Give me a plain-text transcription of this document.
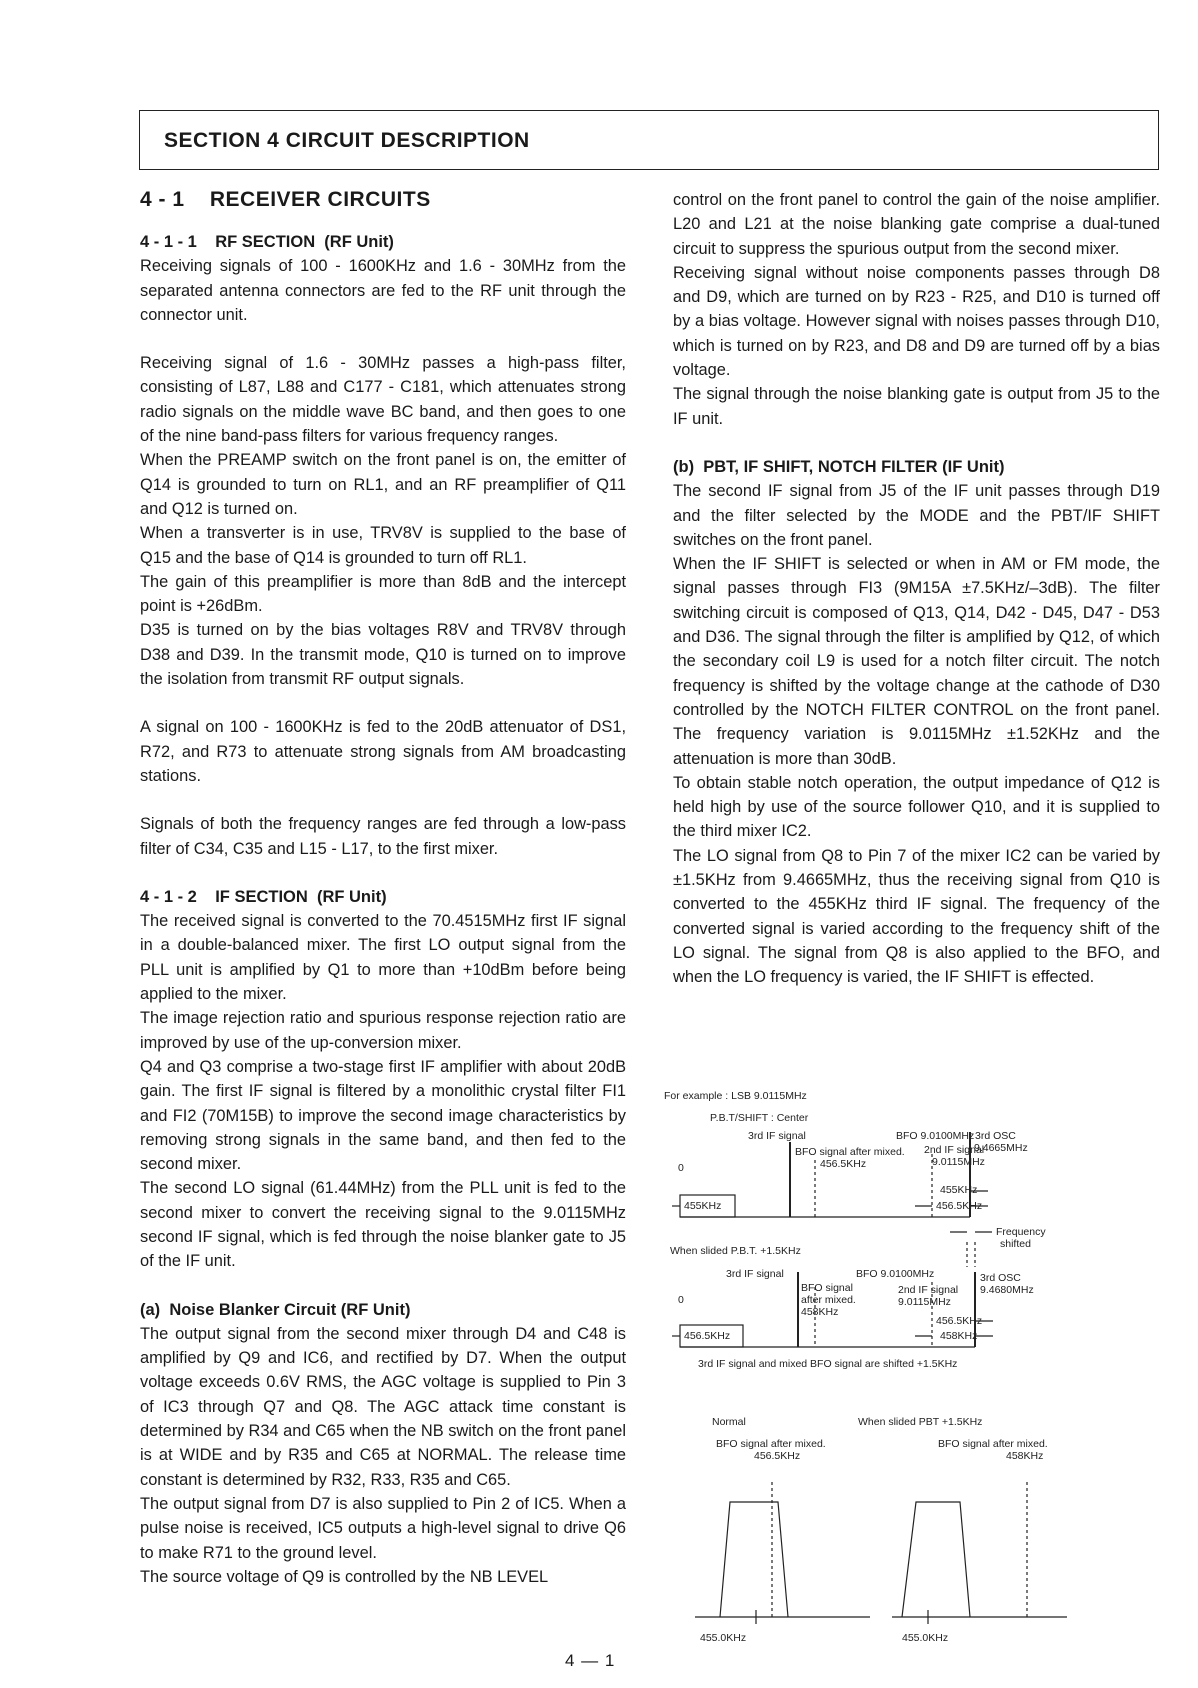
SECTION 4 CIRCUIT DESCRIPTION
4 - 1    RECEIVER CIRCUITS

4 - 1 - 1    RF SECTION  (RF Unit)

Receiving signals of 100 - 1600KHz and 1.6 - 30MHz from the separated antenna connectors are fed to the RF unit through the connector unit.

Receiving signal of 1.6 - 30MHz passes a high-pass filter, consisting of L87, L88 and C177 - C181, which attenuates strong radio signals on the middle wave BC band, and then goes to one of the nine band-pass filters for various frequency ranges.

When the PREAMP switch on the front panel is on, the emitter of Q14 is grounded to turn on RL1, and an RF preamplifier of Q11 and Q12 is turned on.

When a transverter is in use, TRV8V is supplied to the base of Q15 and the base of Q14 is grounded to turn off RL1.

The gain of this preamplifier is more than 8dB and the intercept point is +26dBm.

D35 is turned on by the bias voltages R8V and TRV8V through D38 and D39. In the transmit mode, Q10 is turned on to improve the isolation from transmit RF output signals.

A signal on 100 - 1600KHz is fed to the 20dB attenuator of DS1, R72, and R73 to attenuate strong signals from AM broadcasting stations.

Signals of both the frequency ranges are fed through a low-pass filter of C34, C35 and L15 - L17, to the first mixer.

4 - 1 - 2    IF SECTION  (RF Unit)

The received signal is converted to the 70.4515MHz first IF signal in a double-balanced mixer. The first LO output signal from the PLL unit is amplified by Q1 to more than +10dBm before being applied to the mixer.

The image rejection ratio and spurious response rejection ratio are improved by use of the up-conversion mixer.

Q4 and Q3 comprise a two-stage first IF amplifier with about 20dB gain. The first IF signal is filtered by a monolithic crystal filter FI1 and FI2 (70M15B) to improve the second image characteristics by removing strong signals in the same band, and then fed to the second mixer.

The second LO signal (61.44MHz) from the PLL unit is fed to the second mixer to convert the receiving signal to the 9.0115MHz second IF signal, which is fed through the noise blanker gate to J5 of the IF unit.

(a)  Noise Blanker Circuit (RF Unit)

The output signal from the second mixer through D4 and C48 is amplified by Q9 and IC6, and rectified by D7. When the output voltage exceeds 0.6V RMS, the AGC voltage is supplied to Pin 3 of IC3 through Q7 and Q8. The AGC attack time constant is determined by R34 and C65 when the NB switch on the front panel is at WIDE and by R35 and C65 at NORMAL. The release time constant is determined by R32, R33, R35 and C65.

The output signal from D7 is also supplied to Pin 2 of IC5. When a pulse noise is received, IC5 outputs a high-level signal to drive Q6 to make R71 to the ground level.

The source voltage of Q9 is controlled by the NB LEVEL

control on the front panel to control the gain of the noise amplifier. L20 and L21 at the noise blanking gate comprise a dual-tuned circuit to suppress the spurious output from the second mixer.

Receiving signal without noise components passes through D8 and D9, which are turned on by R23 - R25, and D10 is turned off by a bias voltage. However signal with noises passes through D10, which is turned on by R23, and D8 and D9 are turned off by a bias voltage.

The signal through the noise blanking gate is output from J5 to the IF unit.

(b)  PBT, IF SHIFT, NOTCH FILTER (IF Unit)

The second IF signal from J5 of the IF unit passes through D19 and the filter selected by the MODE and the PBT/IF SHIFT switches on the front panel.

When the IF SHIFT is selected or when in AM or FM mode, the signal passes through FI3 (9M15A ±7.5KHz/–3dB). The filter switching circuit is composed of Q13, Q14, D42 - D45, D47 - D53 and D36. The signal through the filter is amplified by Q12, of which the secondary coil L9 is used for a notch filter circuit. The notch frequency is shifted by the voltage change at the cathode of D30 controlled by the NOTCH FILTER CONTROL on the front panel. The frequency variation is 9.0115MHz ±1.52KHz and the attenuation is more than 30dB.

To obtain stable notch operation, the output impedance of Q12 is held high by use of the source follower Q10, and it is supplied to the third mixer IC2.

The LO signal from Q8 to Pin 7 of the mixer IC2 can be varied by ±1.5KHz from 9.4665MHz, thus the receiving signal from Q10 is converted to the 455KHz third IF signal. The frequency of the converted signal is varied according to the frequency shift of the LO signal. The signal from Q8 is also applied to the BFO, and when the LO frequency is varied, the IF SHIFT is effected.

For example : LSB 9.0115MHz
P.B.T/SHIFT : Center
3rd IF signal	BFO 9.0100MHz 3rd OSC
9.4665MHz
BFO signal after mixed.
456.5KHz
2nd IF signal
9.0115MHz
0
455KHz
455KHz
456.5KHz
Frequency
shifted
When slided P.B.T. +1.5KHz
3rd IF signal	BFO 9.0100MHz	3rd OSC
9.4680MHz
BFO signal
after mixed.
458KHz
2nd IF signal
9.0115MHz
0
456.5KHz
456.5KHz
458KHz
3rd IF signal and mixed BFO signal are shifted +1.5KHz
Normal
BFO signal after mixed.
456.5KHz
455.0KHz
When slided PBT +1.5KHz
BFO signal after mixed.
458KHz
455.0KHz
4 — 1
